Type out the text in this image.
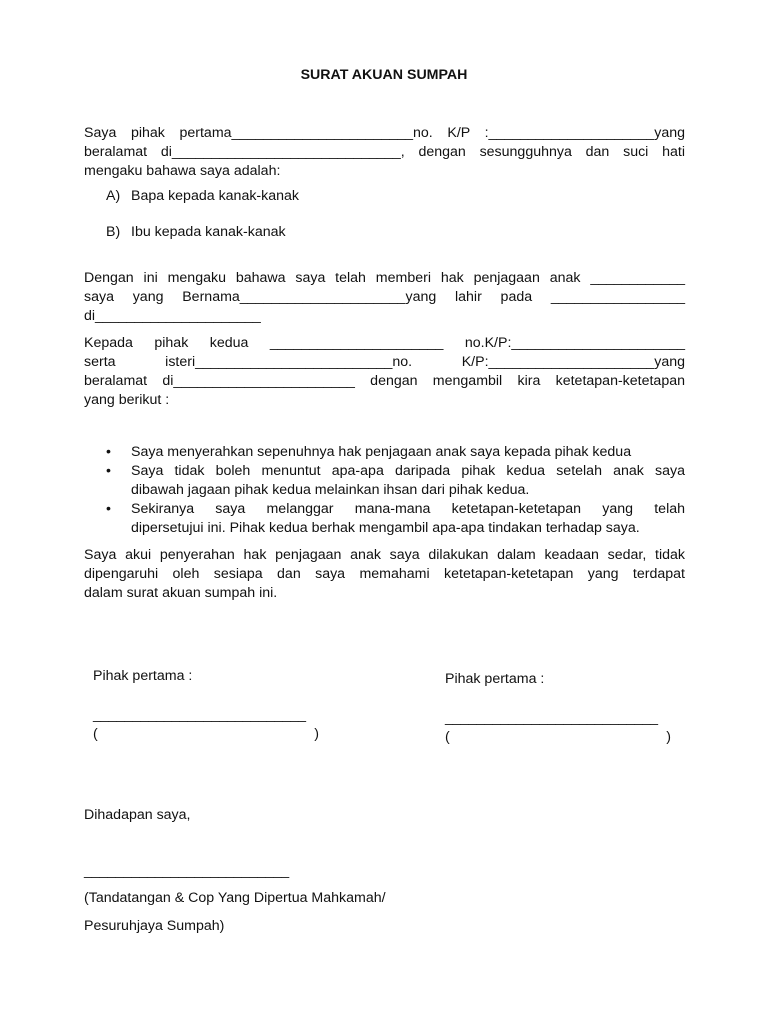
SURAT AKUAN SUMPAH
Saya pihak pertama_______________________no. K/P :_____________________yang
beralamat di_____________________________, dengan sesungguhnya dan suci hati
mengaku bahawa saya adalah:
A) Bapa kepada kanak-kanak
B) Ibu kepada kanak-kanak
Dengan ini mengaku bahawa saya telah memberi hak penjagaan anak ____________
saya yang Bernama_____________________yang lahir pada _________________
di_____________________
Kepada pihak kedua ______________________ no.K/P:______________________
serta isteri_________________________no. K/P:_____________________yang
beralamat di_______________________ dengan mengambil kira ketetapan-ketetapan
yang berikut :
• Saya menyerahkan sepenuhnya hak penjagaan anak saya kepada pihak kedua
• Saya tidak boleh menuntut apa-apa daripada pihak kedua setelah anak saya
dibawah jagaan pihak kedua melainkan ihsan dari pihak kedua.
• Sekiranya saya melanggar mana-mana ketetapan-ketetapan yang telah
dipersetujui ini. Pihak kedua berhak mengambil apa-apa tindakan terhadap saya.
Saya akui penyerahan hak penjagaan anak saya dilakukan dalam keadaan sedar, tidak
dipengaruhi oleh sesiapa dan saya memahami ketetapan-ketetapan yang terdapat
dalam surat akuan sumpah ini.
Pihak pertama :
___________________________
(	)
Pihak pertama :
___________________________
(	)
Dihadapan saya,
__________________________
(Tandatangan & Cop Yang Dipertua Mahkamah/
Pesuruhjaya Sumpah)
